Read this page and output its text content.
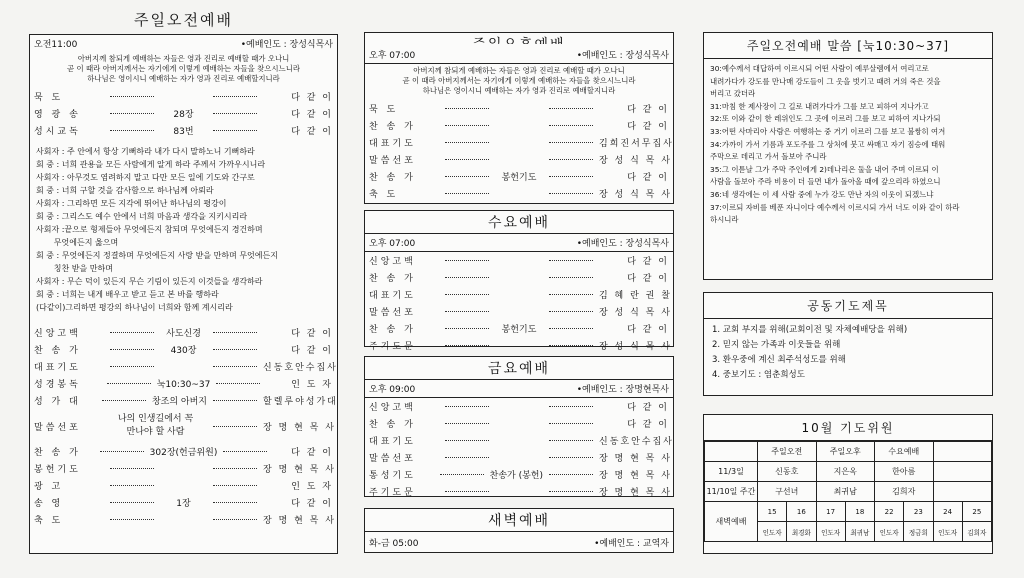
주일오전예배
오전11:00	•예배인도 : 장성식목사
아버지께 참되게 예배하는 자들은 영과 진리로 예배할 때가 오나니
곧 이 때라 아버지께서는 자기에게 이렇게 예배하는 자들을 찾으시느니라
하나님은 영이시니 예배하는 자가 영과 진리로 예배할지니라
묵 도	다 같 이
영 광 송	28장	다 같 이
성시교독	83번	다 같 이
사회자 : 주 안에서 항상 기뻐하라 내가 다시 말하노니 기뻐하라
회 중 : 너희 관용을 모든 사람에게 알게 하라 주께서 가까우시니라
사회자 : 아무것도 염려하지 말고 다만 모든 일에 기도와 간구로
회 중 : 너희 구할 것을 감사함으로 하나님께 아뢰라
사회자 : 그리하면 모든 지각에 뛰어난 하나님의 평강이
회 중 : 그리스도 예수 안에서 너희 마음과 생각을 지키시리라
사회자 :끝으로 형제들아 무엇에든지 참되며 무엇에든지 경건하며
무엇에든지 옳으며
회 중 : 무엇에든지 정결하며 무엇에든지 사랑 받을 만하며 무엇에든지
칭찬 받을 만하며
사회자 : 무슨 덕이 있든지 무슨 기림이 있든지 이것들을 생각하라
회 중 : 너희는 내게 배우고 받고 듣고 본 바를 행하라
(다같이)그리하면 평강의 하나님이 너희와 함께 계시리라
신앙고백	사도신경	다 같 이
찬 송 가	430장	다 같 이
대표기도	신동호안수집사
성경봉독	눅10:30~37	인 도 자
성 가 대	창조의 아버지	할렐루야성가대
말씀선포
나의 인생길에서 꼭
만나야 할 사람	장 명 현 목 사
찬 송 가	302장(헌금위원)	다 같 이
봉헌기도	장 명 현 목 사
광 고	인 도 자
송 영	1장	다 같 이
축 도	장 명 현 목 사
오후 07:00	•예배인도 : 장성식목사
아버지께 참되게 예배하는 자들은 영과 진리로 예배할 때가 오나니
곧 이 때라 아버지께서는 자기에게 이렇게 예배하는 자들을 찾으시느니라
하나님은 영이시니 예배하는 자가 영과 진리로 예배할지니라
묵 도	다 같 이
찬 송 가	다 같 이
대표기도	김희진서무집사
말씀선포	장 성 식 목 사
찬 송 가	봉헌기도	다 같 이
축 도	장 성 식 목 사
수요예배
오후 07:00	•예배인도 : 장성식목사
신앙고백	다 같 이
찬 송 가	다 같 이
대표기도	김 혜 란 권 찰
말씀선포	장 성 식 목 사
찬 송 가	봉헌기도	다 같 이
주기도문	장 성 식 목 사
금요예배
오후 09:00	•예배인도 : 장명현목사
신앙고백	다 같 이
찬 송 가	다 같 이
대표기도	신동호안수집사
말씀선포	장 명 현 목 사
통성기도	찬송가 (봉헌)	장 명 현 목 사
주기도문	장 명 현 목 사
새벽예배
화-금 05:00	•예배인도 : 교역자
주일오전예배 말씀 [눅10:30~37]
30:예수께서 대답하여 이르시되 어떤 사람이 예루살렘에서 여리고로
내려가다가 강도를 만나매 강도들이 그 옷을 벗기고 때려 거의 죽은 것을
버리고 갔더라
31:마침 한 제사장이 그 길로 내려가다가 그를 보고 피하여 지나가고
32:또 이와 같이 한 레위인도 그 곳에 이르러 그를 보고 피하여 지나가되
33:어떤 사마리아 사람은 여행하는 중 거기 이르러 그를 보고 불쌍히 여겨
34:가까이 가서 기름과 포도주를 그 상처에 붓고 싸매고 자기 짐승에 태워
주막으로 데리고 가서 돌보아 주니라
35:그 이튿날 그가 주막 주인에게 2)데나리온 둘을 내어 주며 이르되 이
사람을 돌보아 주라 비용이 더 들면 내가 돌아올 때에 갚으리라 하였으니
36:네 생각에는 이 세 사람 중에 누가 강도 만난 자의 이웃이 되겠느냐
37:이르되 자비를 베푼 자니이다 예수께서 이르시되 가서 너도 이와 같이 하라
하시니라
공동기도제목
1. 교회 부지를 위해(교회이전 및 자체예배당을 위해)
2. 믿지 않는 가족과 이웃들을 위해
3. 환우중에 계신 최주석성도를 위해
4. 중보기도 : 염춘희성도
10월 기도위원
	주일오전		주일오후		수요예배			
11/3일	신동호		지은옥		한아름			
11/10일 주간	구선녀		최귀남		김희자			
새벽예배	15	16	17	18	22	23	24	25
	인도자	최경화	인도자	최귀남	인도자	정금희	인도자	김희자
